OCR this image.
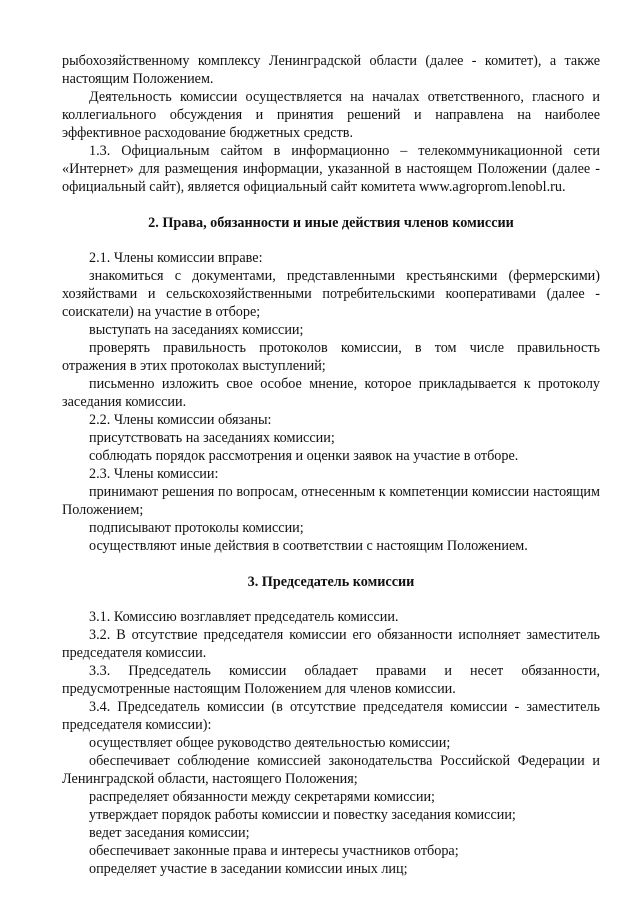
рыбохозяйственному комплексу Ленинградской области (далее - комитет), а также настоящим Положением.

Деятельность комиссии осуществляется на началах ответственного, гласного и коллегиального обсуждения и принятия решений и направлена на наиболее эффективное расходование бюджетных средств.

1.3. Официальным сайтом в информационно – телекоммуникационной сети «Интернет» для размещения информации, указанной в настоящем Положении (далее - официальный сайт), является официальный сайт комитета www.agroprom.lenobl.ru.

2. Права, обязанности и иные действия членов комиссии

2.1. Члены комиссии вправе:

знакомиться с документами, представленными крестьянскими (фермерскими) хозяйствами и сельскохозяйственными потребительскими кооперативами (далее - соискатели) на участие в отборе;

выступать на заседаниях комиссии;

проверять правильность протоколов комиссии, в том числе правильность отражения в этих протоколах выступлений;

письменно изложить свое особое мнение, которое прикладывается к протоколу заседания комиссии.

2.2. Члены комиссии обязаны:

присутствовать на заседаниях комиссии;

соблюдать порядок рассмотрения и оценки заявок на участие в отборе.

2.3. Члены комиссии:

принимают решения по вопросам, отнесенным к компетенции комиссии настоящим Положением;

подписывают протоколы комиссии;

осуществляют иные действия в соответствии с настоящим Положением.

3. Председатель комиссии

3.1. Комиссию возглавляет председатель комиссии.

3.2. В отсутствие председателя комиссии его обязанности исполняет заместитель председателя комиссии.

3.3. Председатель комиссии обладает правами и несет обязанности, предусмотренные настоящим Положением для членов комиссии.

3.4. Председатель комиссии (в отсутствие председателя комиссии - заместитель председателя комиссии):

осуществляет общее руководство деятельностью комиссии;

обеспечивает соблюдение комиссией законодательства Российской Федерации и Ленинградской области, настоящего Положения;

распределяет обязанности между секретарями комиссии;

утверждает порядок работы комиссии и повестку заседания комиссии;

ведет заседания комиссии;

обеспечивает законные права и интересы участников отбора;

определяет участие в заседании комиссии иных лиц;
